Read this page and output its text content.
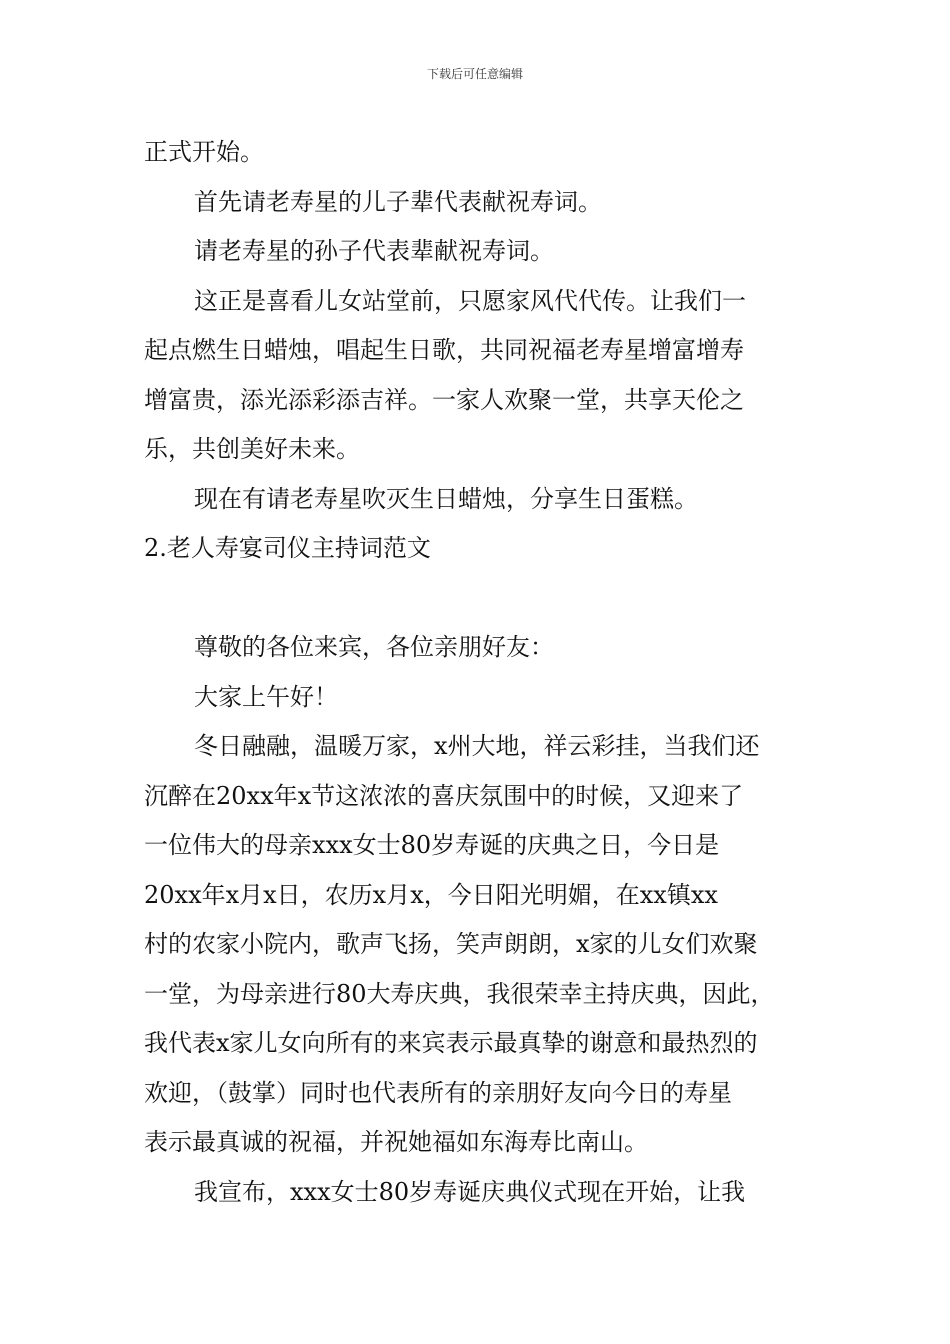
下载后可任意编辑
正式开始。
首先请老寿星的儿子辈代表献祝寿词。
请老寿星的孙子代表辈献祝寿词。
这正是喜看儿女站堂前，只愿家风代代传。让我们一
起点燃生日蜡烛，唱起生日歌，共同祝福老寿星增富增寿
增富贵，添光添彩添吉祥。一家人欢聚一堂，共享天伦之
乐，共创美好未来。
现在有请老寿星吹灭生日蜡烛，分享生日蛋糕。
2.老人寿宴司仪主持词范文
尊敬的各位来宾，各位亲朋好友：
大家上午好！
冬日融融，温暖万家，x州大地，祥云彩挂，当我们还
沉醉在20xx年x节这浓浓的喜庆氛围中的时候，又迎来了
一位伟大的母亲xxx女士80岁寿诞的庆典之日，今日是
20xx年x月x日，农历x月x，今日阳光明媚，在xx镇xx
村的农家小院内，歌声飞扬，笑声朗朗，x家的儿女们欢聚
一堂，为母亲进行80大寿庆典，我很荣幸主持庆典，因此，
我代表x家儿女向所有的来宾表示最真挚的谢意和最热烈的
欢迎，（鼓掌）同时也代表所有的亲朋好友向今日的寿星
表示最真诚的祝福，并祝她福如东海寿比南山。
我宣布，xxx女士80岁寿诞庆典仪式现在开始，让我
